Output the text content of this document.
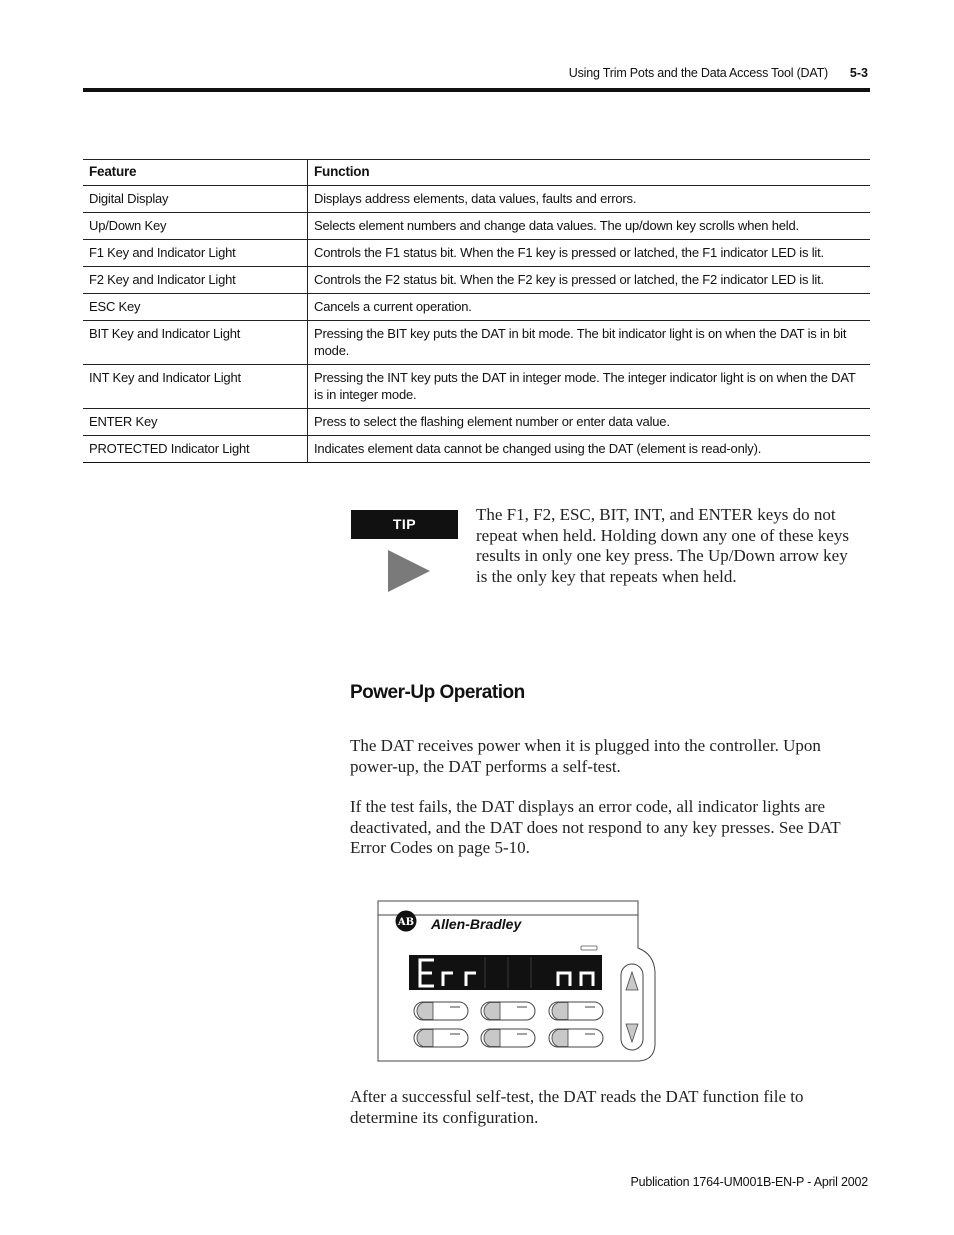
Using Trim Pots and the Data Access Tool (DAT) 5-3
Feature	Function
Digital Display	Displays address elements, data values, faults and errors.
Up/Down Key	Selects element numbers and change data values. The up/down key scrolls when held.
F1 Key and Indicator Light	Controls the F1 status bit. When the F1 key is pressed or latched, the F1 indicator LED is lit.
F2 Key and Indicator Light	Controls the F2 status bit. When the F2 key is pressed or latched, the F2 indicator LED is lit.
ESC Key	Cancels a current operation.
BIT Key and Indicator Light	Pressing the BIT key puts the DAT in bit mode. The bit indicator light is on when the DAT is in bit mode.
INT Key and Indicator Light	Pressing the INT key puts the DAT in integer mode. The integer indicator light is on when the DAT is in integer mode.
ENTER Key	Press to select the flashing element number or enter data value.
PROTECTED Indicator Light	Indicates element data cannot be changed using the DAT (element is read-only).
TIP	The F1, F2, ESC, BIT, INT, and ENTER keys do not repeat when held. Holding down any one of these keys results in only one key press. The Up/Down arrow key is the only key that repeats when held.
Power-Up Operation
The DAT receives power when it is plugged into the controller. Upon power-up, the DAT performs a self-test.
If the test fails, the DAT displays an error code, all indicator lights are deactivated, and the DAT does not respond to any key presses. See DAT Error Codes on page 5-10.
AB Allen-Bradley
Err	nn
After a successful self-test, the DAT reads the DAT function file to determine its configuration.
Publication 1764-UM001B-EN-P - April 2002
